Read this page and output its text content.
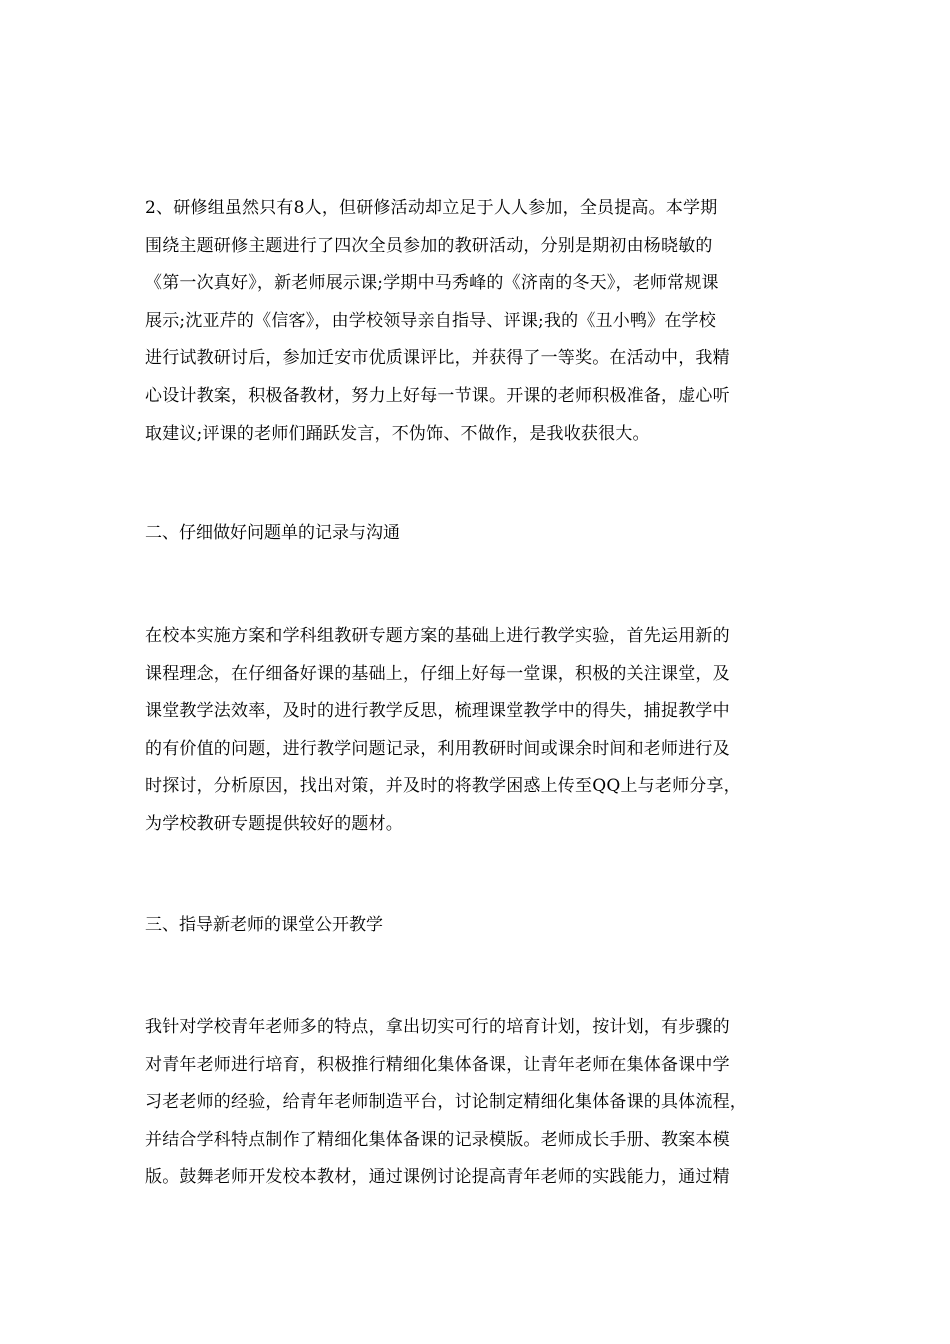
2、研修组虽然只有8人，但研修活动却立足于人人参加，全员提高。本学期
围绕主题研修主题进行了四次全员参加的教研活动，分别是期初由杨晓敏的
《第一次真好》，新老师展示课;学期中马秀峰的《济南的冬天》，老师常规课
展示;沈亚芹的《信客》，由学校领导亲自指导、评课;我的《丑小鸭》在学校
进行试教研讨后，参加迁安市优质课评比，并获得了一等奖。在活动中，我精
心设计教案，积极备教材，努力上好每一节课。开课的老师积极准备，虚心听
取建议;评课的老师们踊跃发言，不伪饰、不做作，是我收获很大。
二、仔细做好问题单的记录与沟通
在校本实施方案和学科组教研专题方案的基础上进行教学实验，首先运用新的
课程理念，在仔细备好课的基础上，仔细上好每一堂课，积极的关注课堂，及
课堂教学法效率，及时的进行教学反思，梳理课堂教学中的得失，捕捉教学中
的有价值的问题，进行教学问题记录，利用教研时间或课余时间和老师进行及
时探讨，分析原因，找出对策，并及时的将教学困惑上传至QQ上与老师分享，
为学校教研专题提供较好的题材。
三、指导新老师的课堂公开教学
我针对学校青年老师多的特点，拿出切实可行的培育计划，按计划，有步骤的
对青年老师进行培育，积极推行精细化集体备课，让青年老师在集体备课中学
习老老师的经验，给青年老师制造平台，讨论制定精细化集体备课的具体流程，
并结合学科特点制作了精细化集体备课的记录模版。老师成长手册、教案本模
版。鼓舞老师开发校本教材，通过课例讨论提高青年老师的实践能力，通过精
